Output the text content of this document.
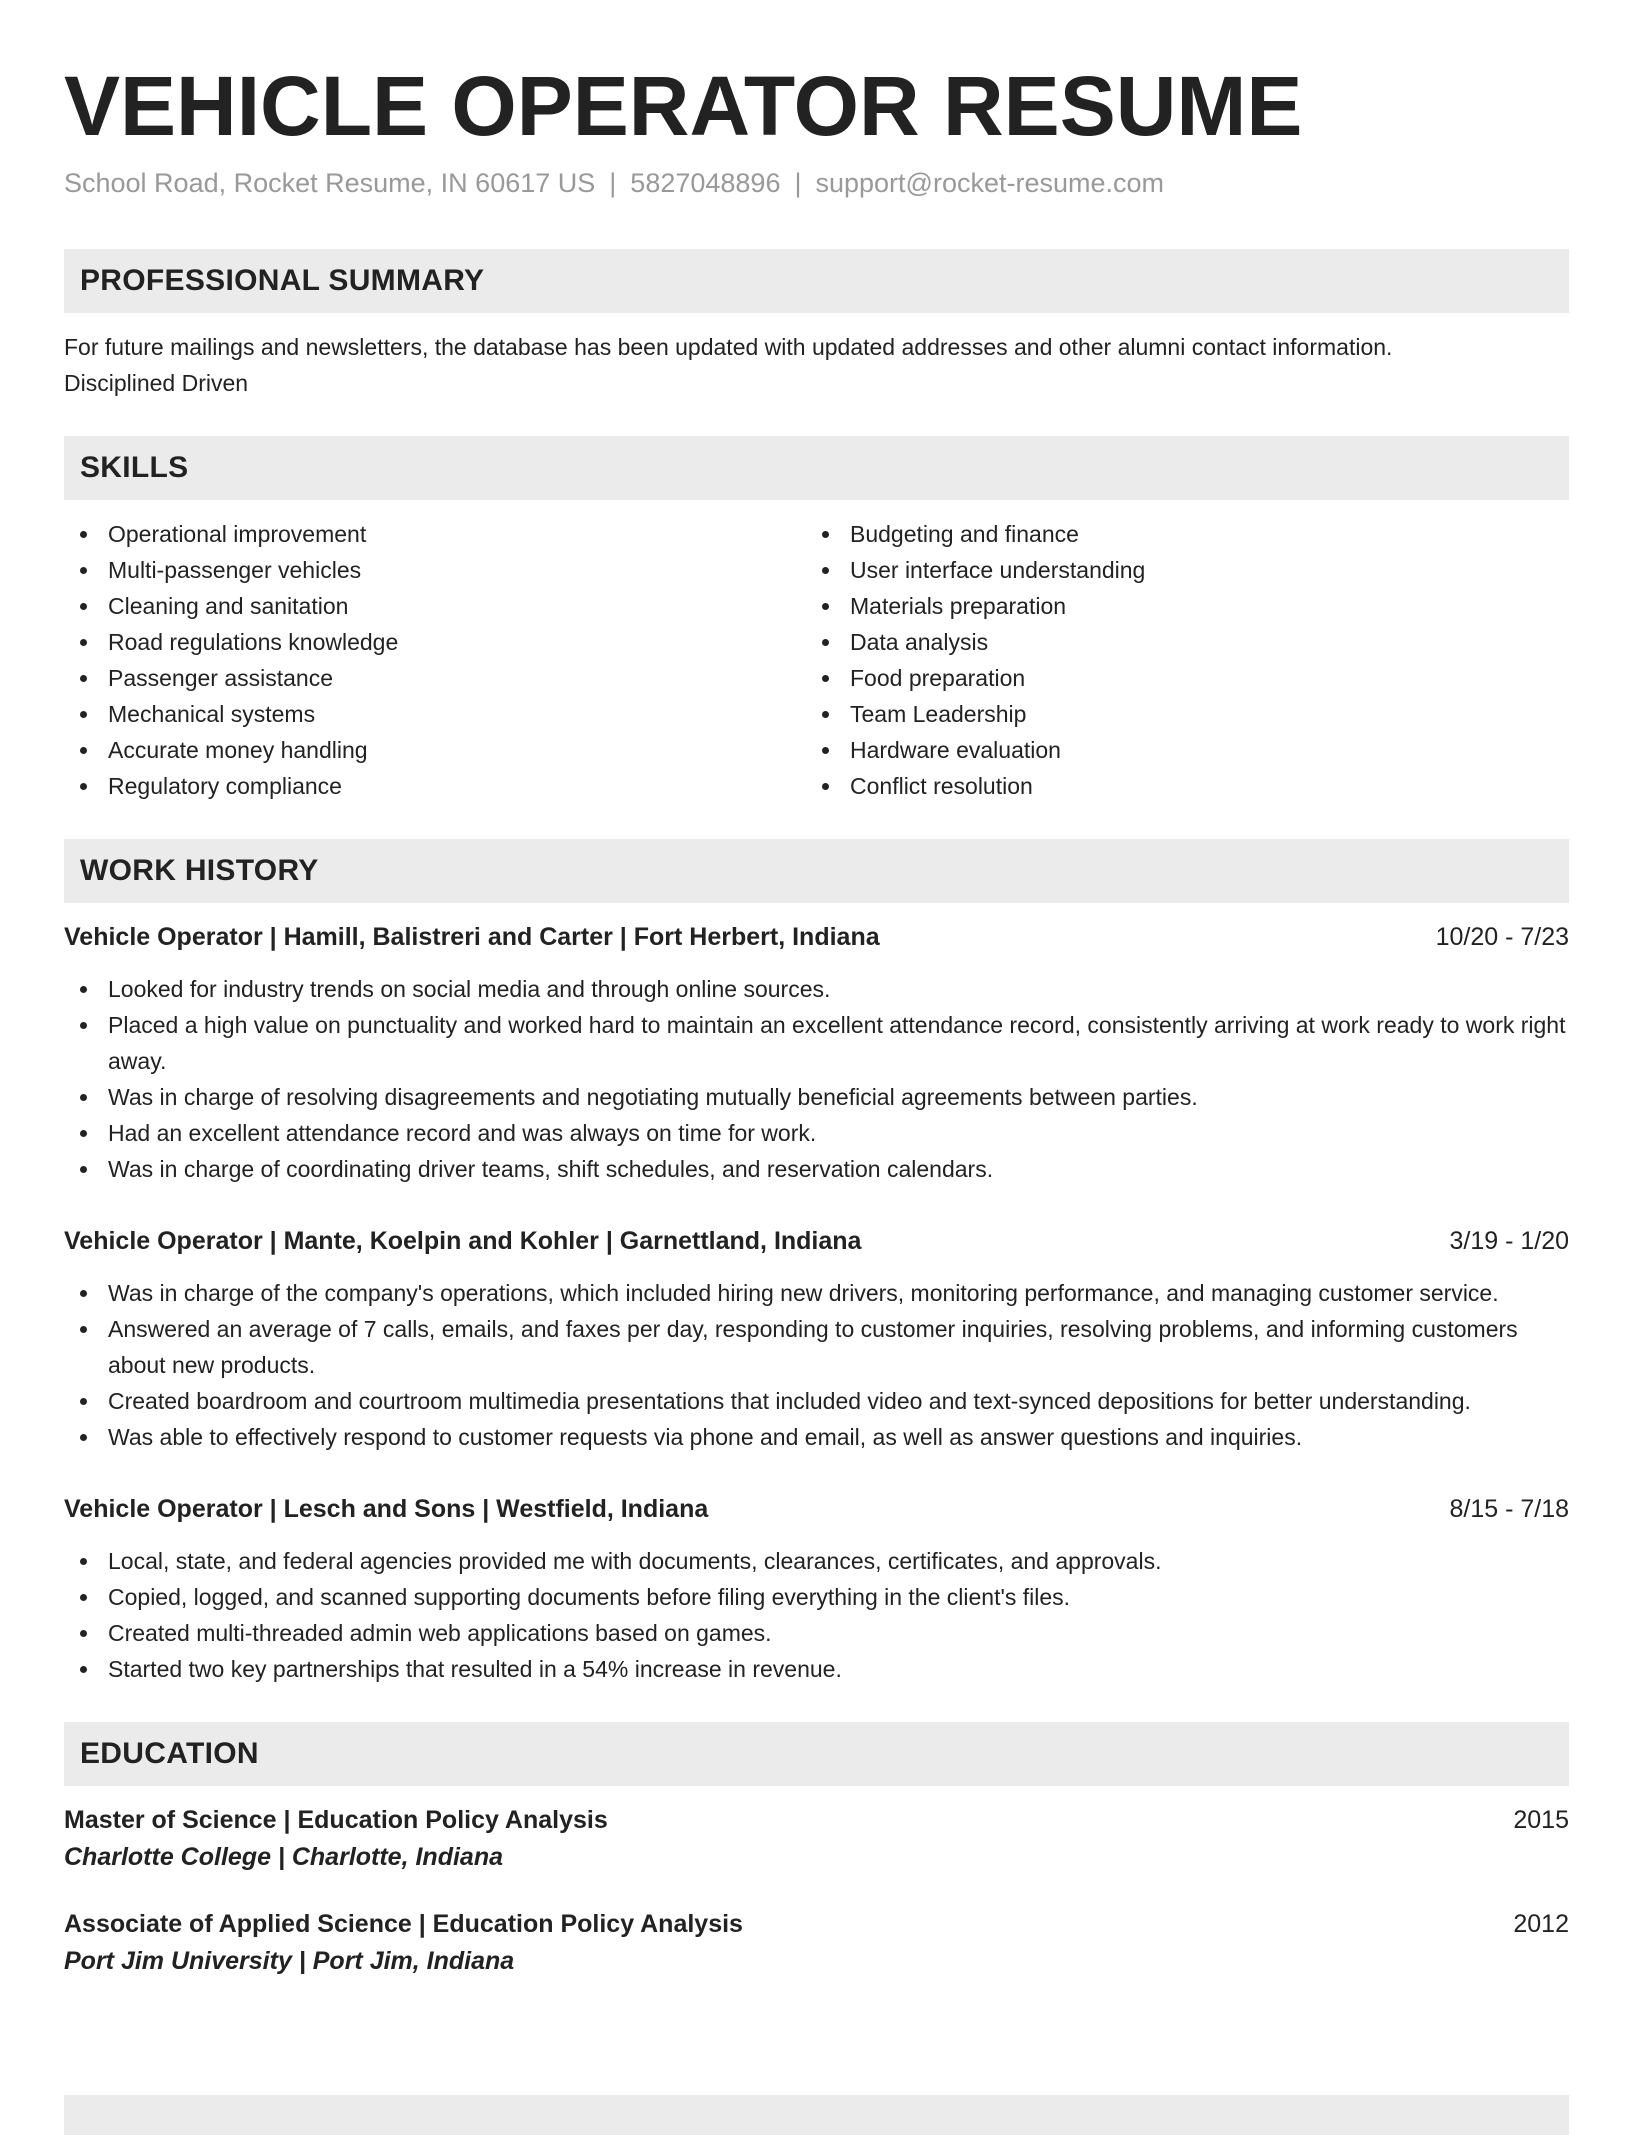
VEHICLE OPERATOR RESUME
School Road, Rocket Resume, IN 60617 US | 5827048896 | support@rocket-resume.com
PROFESSIONAL SUMMARY
For future mailings and newsletters, the database has been updated with updated addresses and other alumni contact information.
Disciplined Driven
SKILLS
Operational improvement
Multi-passenger vehicles
Cleaning and sanitation
Road regulations knowledge
Passenger assistance
Mechanical systems
Accurate money handling
Regulatory compliance
Budgeting and finance
User interface understanding
Materials preparation
Data analysis
Food preparation
Team Leadership
Hardware evaluation
Conflict resolution
WORK HISTORY
Vehicle Operator | Hamill, Balistreri and Carter | Fort Herbert, Indiana	10/20 - 7/23
Looked for industry trends on social media and through online sources.
Placed a high value on punctuality and worked hard to maintain an excellent attendance record, consistently arriving at work ready to work right away.
Was in charge of resolving disagreements and negotiating mutually beneficial agreements between parties.
Had an excellent attendance record and was always on time for work.
Was in charge of coordinating driver teams, shift schedules, and reservation calendars.
Vehicle Operator | Mante, Koelpin and Kohler | Garnettland, Indiana	3/19 - 1/20
Was in charge of the company's operations, which included hiring new drivers, monitoring performance, and managing customer service.
Answered an average of 7 calls, emails, and faxes per day, responding to customer inquiries, resolving problems, and informing customers about new products.
Created boardroom and courtroom multimedia presentations that included video and text-synced depositions for better understanding.
Was able to effectively respond to customer requests via phone and email, as well as answer questions and inquiries.
Vehicle Operator | Lesch and Sons | Westfield, Indiana	8/15 - 7/18
Local, state, and federal agencies provided me with documents, clearances, certificates, and approvals.
Copied, logged, and scanned supporting documents before filing everything in the client's files.
Created multi-threaded admin web applications based on games.
Started two key partnerships that resulted in a 54% increase in revenue.
EDUCATION
Master of Science | Education Policy Analysis	2015
Charlotte College | Charlotte, Indiana
Associate of Applied Science | Education Policy Analysis	2012
Port Jim University | Port Jim, Indiana
